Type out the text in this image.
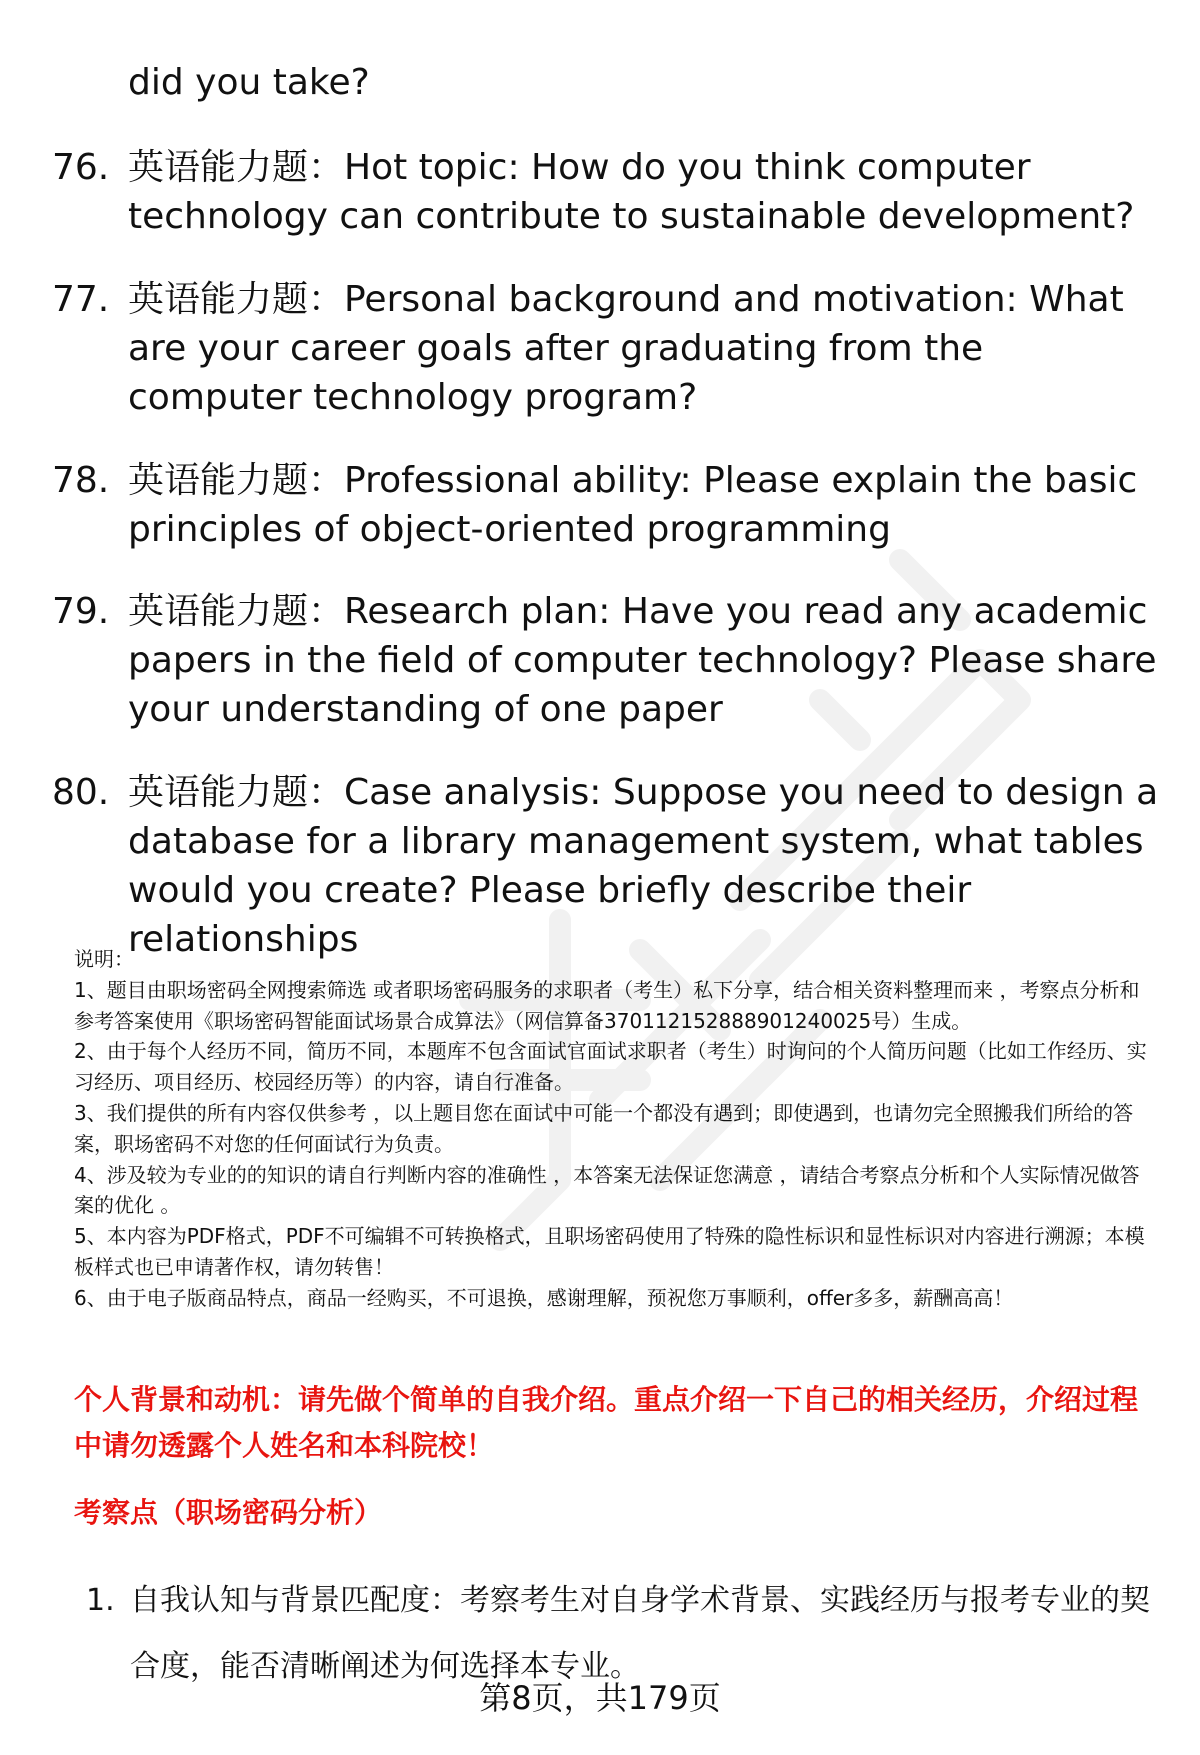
did you take?
76. 英语能力题：Hot topic: How do you think computer technology can contribute to sustainable development?
77. 英语能力题：Personal background and motivation: What are your career goals after graduating from the computer technology program?
78. 英语能力题：Professional ability: Please explain the basic principles of object-oriented programming
79. 英语能力题：Research plan: Have you read any academic papers in the field of computer technology? Please share your understanding of one paper
80. 英语能力题：Case analysis: Suppose you need to design a database for a library management system, what tables would you create? Please briefly describe their relationships

说明：

1、题目由职场密码全网搜索筛选 或者职场密码服务的求职者（考生）私下分享，结合相关资料整理而来 ，考察点分析和参考答案使用《职场密码智能面试场景合成算法》（网信算备370112152888901240025号）生成。

2、由于每个人经历不同，简历不同，本题库不包含面试官面试求职者（考生）时询问的个人简历问题（比如工作经历、实习经历、项目经历、校园经历等）的内容，请自行准备。

3、我们提供的所有内容仅供参考 ，以上题目您在面试中可能一个都没有遇到；即使遇到，也请勿完全照搬我们所给的答案，职场密码不对您的任何面试行为负责。

4、涉及较为专业的的知识的请自行判断内容的准确性 ，本答案无法保证您满意 ，请结合考察点分析和个人实际情况做答案的优化 。

5、本内容为PDF格式，PDF不可编辑不可转换格式，且职场密码使用了特殊的隐性标识和显性标识对内容进行溯源；本模板样式也已申请著作权，请勿转售！

6、由于电子版商品特点，商品一经购买，不可退换，感谢理解，预祝您万事顺利，offer多多，薪酬高高！

个人背景和动机：请先做个简单的自我介绍。重点介绍一下自己的相关经历，介绍过程中请勿透露个人姓名和本科院校！
考察点（职场密码分析）
1. 自我认知与背景匹配度：考察考生对自身学术背景、实践经历与报考专业的契合度，能否清晰阐述为何选择本专业。
第8页，共179页
